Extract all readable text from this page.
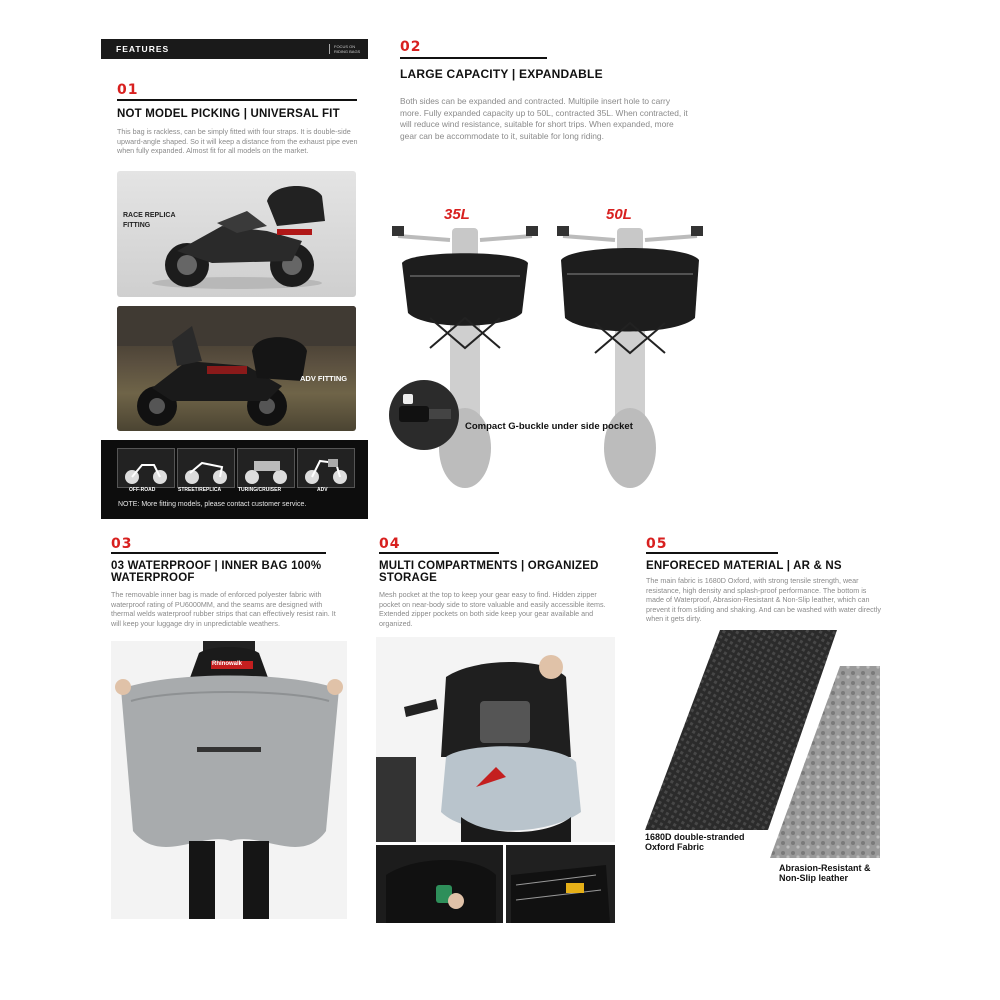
FEATURES	FOCUS ON
RIDING BAGS
01
NOT MODEL PICKING | UNIVERSAL FIT
This bag is rackless, can be simply fitted with four straps. It is double-side upward-angle shaped. So it will keep a distance from the exhaust pipe even when fully expanded. Almost fit for all models on the market.
RACE REPLICA
FITTING
ADV FITTING
OFF-ROAD	STREET/REPLICA	TURING/CRUISER	ADV
NOTE: More fitting models, please contact customer service.
02
LARGE CAPACITY | EXPANDABLE
Both sides can be expanded and contracted. Multipile insert hole to carry more. Fully expanded capacity up to 50L, contracted 35L. When contracted, it will reduce wind resistance, suitable for short trips. When expanded, more gear can be accommodate to it, suitable for long riding.
35L	50L
Compact G-buckle under side pocket
03
03 WATERPROOF | INNER BAG 100%
WATERPROOF
The removable inner bag is made of enforced polyester fabric with waterproof rating of PU6000MM, and the seams are designed with thermal welds waterproof rubber strips that can effectively resist rain. It will keep your luggage dry in unpredictable weathers.
Rhinowalk
04
MULTI COMPARTMENTS | ORGANIZED
STORAGE
Mesh pocket at the top to keep your gear easy to find. Hidden zipper pocket on near-body side to store valuable and easily accessible items. Extended zipper pockets on both side keep your gear available and organized.
05
ENFORECED MATERIAL | AR & NS
The main fabric is 1680D Oxford, with strong tensile strength, wear resistance, high density and splash-proof performance. The bottom is made of Waterproof, Abrasion-Resistant & Non-Slip leather, which can prevent it from sliding and shaking. And can be washed with water directly when it gets dirty.
1680D double-stranded
Oxford Fabric
Abrasion-Resistant &
Non-Slip leather
